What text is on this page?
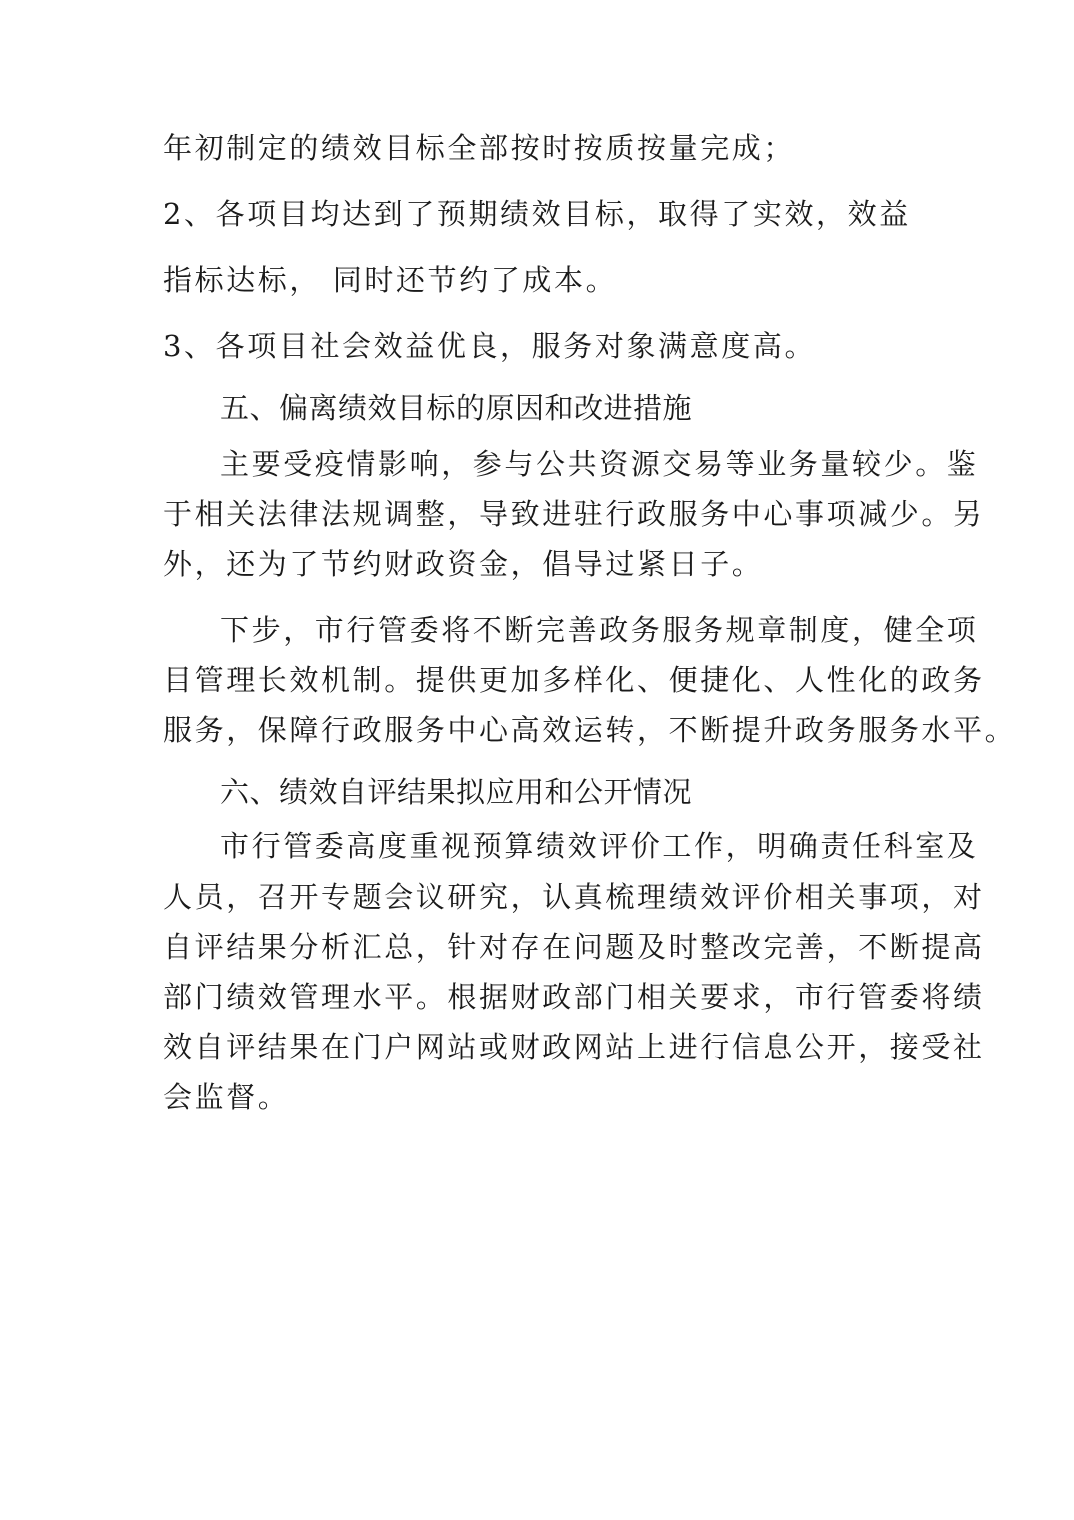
年初制定的绩效目标全部按时按质按量完成；
2、各项目均达到了预期绩效目标，取得了实效，效益
指标达标， 同时还节约了成本。
3、各项目社会效益优良，服务对象满意度高。
五、偏离绩效目标的原因和改进措施
主要受疫情影响，参与公共资源交易等业务量较少。鉴
于相关法律法规调整，导致进驻行政服务中心事项减少。另
外，还为了节约财政资金，倡导过紧日子。
下步，市行管委将不断完善政务服务规章制度，健全项
目管理长效机制。提供更加多样化、便捷化、人性化的政务
服务，保障行政服务中心高效运转，不断提升政务服务水平。
六、绩效自评结果拟应用和公开情况
市行管委高度重视预算绩效评价工作，明确责任科室及
人员，召开专题会议研究，认真梳理绩效评价相关事项，对
自评结果分析汇总，针对存在问题及时整改完善，不断提高
部门绩效管理水平。根据财政部门相关要求，市行管委将绩
效自评结果在门户网站或财政网站上进行信息公开，接受社
会监督。
